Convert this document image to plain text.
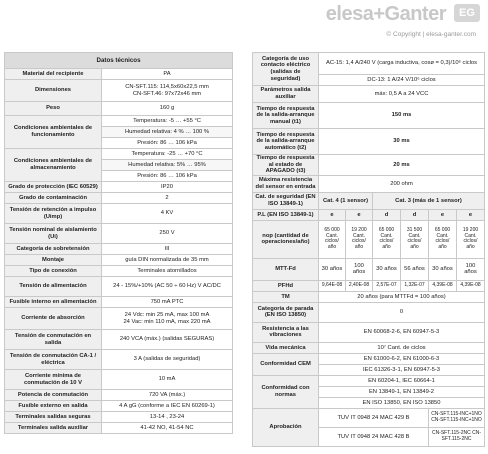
elesa+Ganter	EG
© Copyright | elesa-ganter.com
Datos técnicos	
Material del recipiente	PA
Dimensiones	CN-SFT.115: 114,5x60x22,5 mm
CN-SFT.46: 97x72x46 mm

Peso	160 g
Condiciones ambientales de funcionamiento	Temperatura: -5 … +55 °C
	Humedad relativa: 4 % … 100 %
	Presión: 86 … 106 kPa
Condiciones ambientales de almacenamiento	Temperatura: -25 … +70 °C
	Humedad relativa: 5% … 95%
	Presión: 86 … 106 kPa
Grado de protección (IEC 60529)	IP20
Grado de contaminación	2
Tensión de retención a impulso (Uimp)	4 KV
Tensión nominal de aislamiento (Ui)	250 V
Categoría de sobretensión	III
Montaje	guía DIN normalizada de 35 mm
Tipo de conexión	Terminales atornillados
Tensión de alimentación	24 - 15%/+10% (AC 50 ÷ 60 Hz) V AC/DC
Fusible interno en alimentación	750 mA PTC
Corriente de absorción	24 Vdc: min 25 mA, max 100 mA
24 Vac: min 110 mA, max 220 mA

Tensión de conmutación en salida	240 VCA (máx.) (salidas SEGURAS)
Tensión de conmutación CA-1 / eléctrica	3 A (salidas de seguridad)
Corriente mínima de conmutación de 10 V	10 mA
Potencia de conmutación	720 VA (máx.)
Fusible externo en salida	4 A gG (conforme a IEC EN 60269-1)
Terminales salidas seguras	13-14 , 23-24
Terminales salida auxiliar	41-42 NO, 41-54 NC
Categoría de uso contacto eléctrico (salidas de seguridad)	AC-15: 1,4 A/240 V (carga inductiva, cosø = 0,3)/10⁶ ciclos					
	DC-13: 1 A/24 V/10⁶ ciclos					
Parámetros salida auxiliar	máx: 0,5 A a 24 VCC					
Tiempo de respuesta de la salida-arranque manual (t1)	150 ms					
Tiempo de respuesta de la salida-arranque automático (t2)	30 ms					
Tiempo de respuesta al estado de APAGADO (t3)	20 ms					
Máxima resistencia del sensor en entrada	200 ohm					
Cat. de seguridad (EN ISO 13849-1)	Cat. 4 (1 sensor)		Cat. 3 (más de 1 sensor)			
P.L (EN ISO 13849-1)	e	e	d	d	e	e
nop (cantidad de operaciones/año)	65 000 Cant. ciclos/ año	19 200 Cant. ciclos/ año	65 000 Cant. ciclos/ año	31 500 Cant. ciclos/ año	65 000 Cant. ciclos/ año	19 200 Cant. ciclos/ año
MTT-Fd	30 años	100 años	30 años	56 años	30 años	100 años
PFHd	9,64E-08	2,40E-08	2,57E-07	1,32E-07	4,39E-08	4,39E-08
TM	20 años (para MTTFd = 100 años)					
Categoría de parada (EN ISO 13850)	0					
Resistencia a las vibraciones	EN 60068-2-6, EN 60947-5-3					
Vida mecánica	10⁷ Cant. de ciclos					
Conformidad CEM	EN 61000-6-2, EN 61000-6-3					
	IEC 61326-3-1, EN 60947-5-3					
Conformidad con normas	EN 60204-1, IEC 60664-1					
	EN 13849-1, EN 13849-2					
	EN ISO 13850, EN ISO 13850					
Aprobación	TUV IT 0948 24 MAC 429 B				CN-SFT.115-INC+1NO CN-SFT.115-INC+1NO	
	TUV IT 0948 24 MAC 428 B				CN-SFT.115-2NC CN-SFT.115-2NC	
